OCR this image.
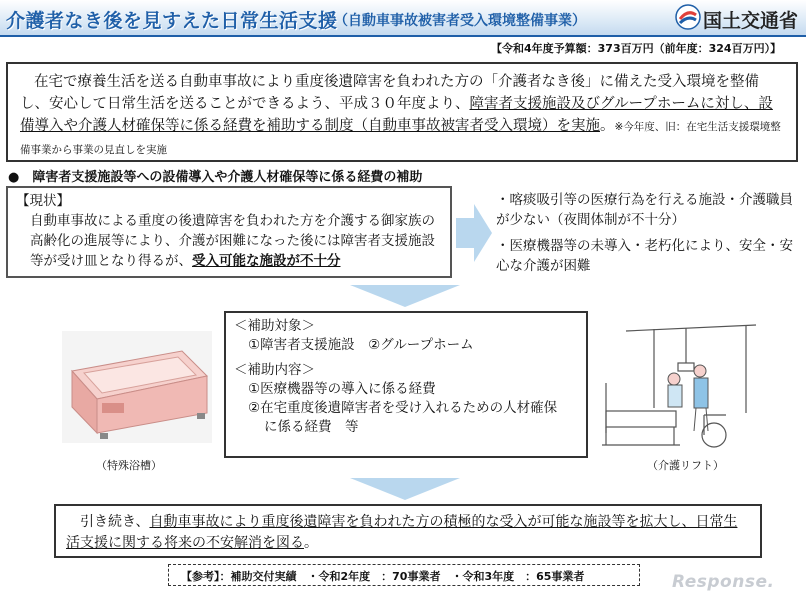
介護者なき後を見すえた日常生活支援
（自動車事故被害者受入環境整備事業）	国土交通省
【令和4年度予算額：373百万円（前年度：324百万円）】
在宅で療養生活を送る自動車事故により重度後遺障害を負われた方の「介護者なき後」に備えた受入環境を整備し、安心して日常生活を送ることができるよう、平成３０年度より、障害者支援施設及びグループホームに対し、設備導入や介護人材確保等に係る経費を補助する制度（自動車事故被害者受入環境）を実施。※今年度、旧：在宅生活支援環境整備事業から事業の見直しを実施
●　障害者支援施設等への設備導入や介護人材確保等に係る経費の補助
【現状】
自動車事故による重度の後遺障害を負われた方を介護する御家族の高齢化の進展等により、介護が困難になった後には障害者支援施設等が受け皿となり得るが、受入可能な施設が不十分

・喀痰吸引等の医療行為を行える施設・介護職員が少ない（夜間体制が不十分）

・医療機器等の未導入・老朽化により、安全・安心な介護が困難

＜補助対象＞
①障害者支援施設　②グループホーム
＜補助内容＞
①医療機器等の導入に係る経費
②在宅重度後遺障害者を受け入れるための人材確保
に係る経費　等
（特殊浴槽）	（介護リフト）
引き続き、自動車事故により重度後遺障害を負われた方の積極的な受入が可能な施設等を拡大し、日常生活支援に関する将来の不安解消を図る。
【参考】：補助交付実績　・令和2年度　：70事業者　・令和3年度　：65事業者	Response.
